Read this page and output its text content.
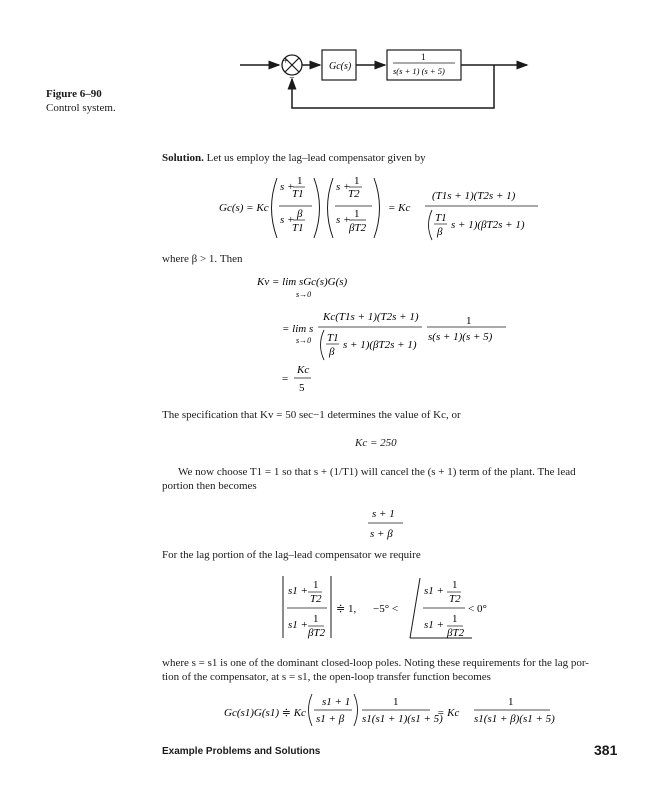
Figure 6–90
Control system.
+
−
Gc(s)
1
s(s + 1) (s + 5)
Solution. Let us employ the lag–lead compensator given by
Gc(s) = Kc
s + 1
T1
s + β
T1
s + 1
T2
s + 1
βT2
= Kc
(T1s + 1)(T2s + 1)
T1
β
s + 1)(βT2s + 1)
where β > 1. Then
Kv = lim sGc(s)G(s)
s→0
= lim s
s→0
Kc(T1s + 1)(T2s + 1)
T1
β
s + 1)(βT2s + 1)
1
s(s + 1)(s + 5)
=
Kc
5
The specification that Kv = 50 sec−1 determines the value of Kc, or
Kc = 250
We now choose T1 = 1 so that s + (1/T1) will cancel the (s + 1) term of the plant. The lead
portion then becomes
s + 1
s + β
For the lag portion of the lag–lead compensator we require
s1 + 1
T2
s1 + 1
βT2
≑ 1, −5° <
s1 + 1
T2
s1 + 1
βT2
< 0°
where s = s1 is one of the dominant closed-loop poles. Noting these requirements for the lag por-
tion of the compensator, at s = s1, the open-loop transfer function becomes
Gc(s1)G(s1) ≑ Kc
s1 + 1
s1 + β
1
s1(s1 + 1)(s1 + 5)
= Kc
1
s1(s1 + β)(s1 + 5)
Example Problems and Solutions	381
